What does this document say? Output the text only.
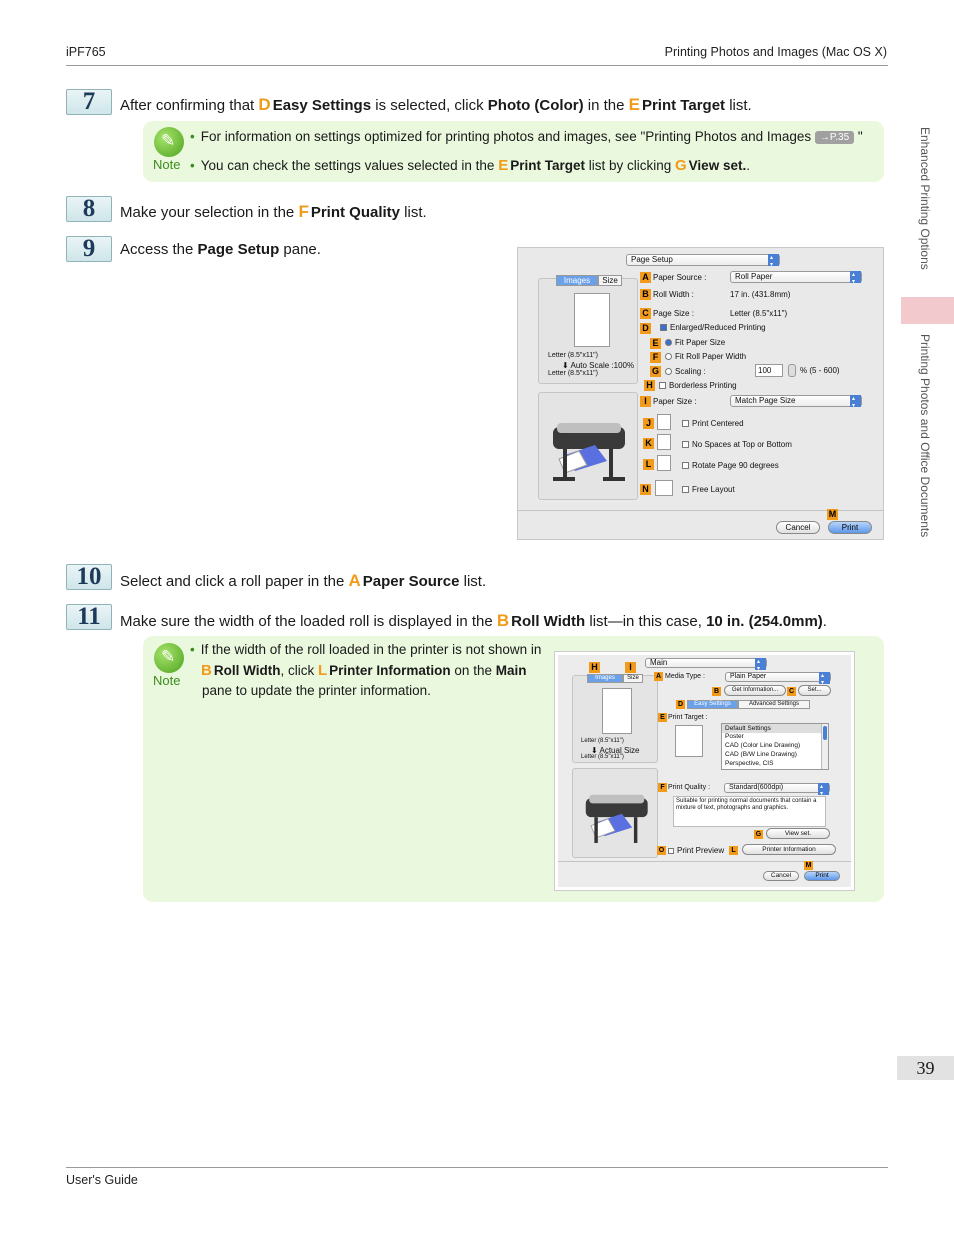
iPF765	Printing Photos and Images (Mac OS X)
Enhanced Printing Options
Printing Photos and Office Documents
7	After confirming that D Easy Settings is selected, click Photo (Color) in the E Print Target list.
✎
Note
• For information on settings optimized for printing photos and images, see "Printing Photos and Images →P.35 "
• You can check the settings values selected in the E Print Target list by clicking G View set..
8	Make your selection in the F Print Quality list.
9	Access the Page Setup pane.
Page Setup ▴▾
Images	Size
Letter (8.5"x11")
⬇ Auto Scale :100%
Letter (8.5"x11")
A Paper Source :	Roll Paper ▴▾
B Roll Width :	17 in. (431.8mm)
C Page Size :	Letter (8.5"x11")
D	Enlarged/Reduced Printing
E	Fit Paper Size
F	Fit Roll Paper Width
G	Scaling :	100	% (5 - 600)
H	Borderless Printing
I Paper Size :	Match Page Size ▴▾
J	Print Centered
K	No Spaces at Top or Bottom
L	Rotate Page 90 degrees
N	Free Layout
M
Cancel	Print
10	Select and click a roll paper in the A Paper Source list.
11	Make sure the width of the loaded roll is displayed in the B Roll Width list—in this case, 10 in. (254.0mm).
✎
Note
• If the width of the roll loaded in the printer is not shown in
B Roll Width, click L Printer Information on the Main
pane to update the printer information.
H	I	Main ▴▾
Images	Size
Letter (8.5"x11")
⬇ Actual Size
Letter (8.5"x11")
A Media Type :	Plain Paper ▴▾
B	Get Information...	C	Set...
D	Easy Settings	Advanced Settings
E Print Target :
Default Settings
Poster
CAD (Color Line Drawing)
CAD (B/W Line Drawing)
Perspective, CIS
F Print Quality :	Standard(600dpi) ▴▾
Suitable for printing normal documents that contain a mixture of text, photographs and graphics.
G	View set.
O	Print Preview	L	Printer Information
M
Cancel	Print
39
User's Guide
